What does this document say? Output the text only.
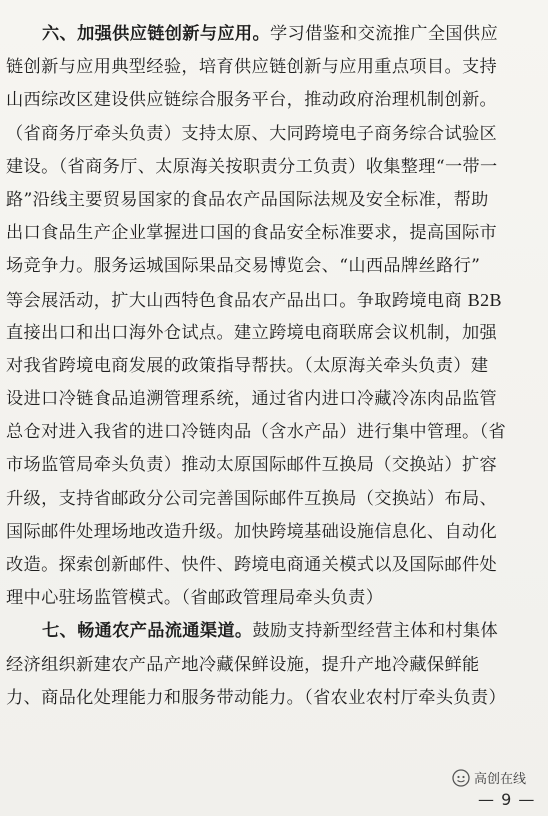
六、加强供应链创新与应用。学习借鉴和交流推广全国供应
链创新与应用典型经验，培育供应链创新与应用重点项目。支持
山西综改区建设供应链综合服务平台，推动政府治理机制创新。
（省商务厅牵头负责）支持太原、大同跨境电子商务综合试验区
建设。（省商务厅、太原海关按职责分工负责）收集整理“一带一
路”沿线主要贸易国家的食品农产品国际法规及安全标准，帮助
出口食品生产企业掌握进口国的食品安全标准要求，提高国际市
场竞争力。服务运城国际果品交易博览会、“山西品牌丝路行”
等会展活动，扩大山西特色食品农产品出口。争取跨境电商 B2B
直接出口和出口海外仓试点。建立跨境电商联席会议机制，加强
对我省跨境电商发展的政策指导帮扶。（太原海关牵头负责）建
设进口冷链食品追溯管理系统，通过省内进口冷藏冷冻肉品监管
总仓对进入我省的进口冷链肉品（含水产品）进行集中管理。（省
市场监管局牵头负责）推动太原国际邮件互换局（交换站）扩容
升级，支持省邮政分公司完善国际邮件互换局（交换站）布局、
国际邮件处理场地改造升级。加快跨境基础设施信息化、自动化
改造。探索创新邮件、快件、跨境电商通关模式以及国际邮件处
理中心驻场监管模式。（省邮政管理局牵头负责）
七、畅通农产品流通渠道。鼓励支持新型经营主体和村集体
经济组织新建农产品产地冷藏保鲜设施，提升产地冷藏保鲜能
力、商品化处理能力和服务带动能力。（省农业农村厅牵头负责）
高创在线
— 9 —
